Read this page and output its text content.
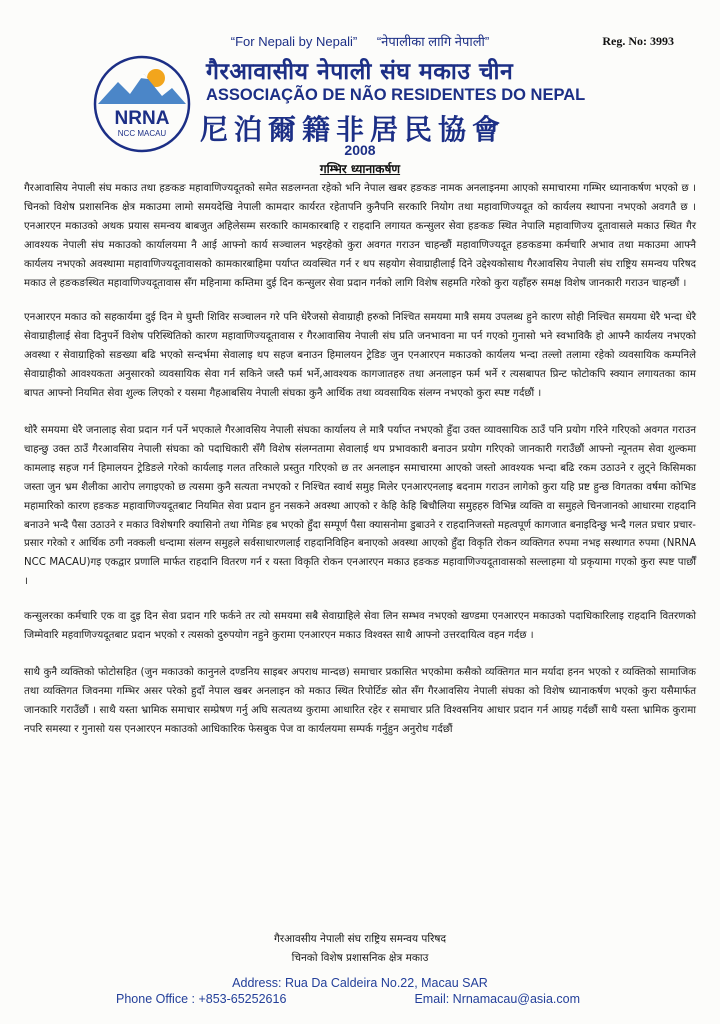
“For Nepali by Nepali” “नेपालीका लागि नेपाली”	Reg. No: 3993
NRNA
NCC MACAU
गैरआवासीय नेपाली संघ मकाउ चीन
ASSOCIAÇÃO DE NÃO RESIDENTES DO NEPAL
尼泊爾籍非居民協會
2008
गम्भिर ध्यानाकर्षण

गैरआवासिय नेपाली संघ मकाउ तथा हङकङ महावाणिज्यदूतको समेत सङलग्नता रहेको भनि नेपाल खबर हङकङ नामक अनलाइनमा आएको समाचारमा गम्भिर ध्यानाकर्षण भएको छ । चिनको विशेष प्रशासनिक क्षेत्र मकाउमा लामो समयदेखि नेपाली कामदार कार्यरत रहेतापनि कुनैपनि सरकारि नियोग तथा महावाणिज्यदूत को कार्यलय स्थापना नभएको अवगतै छ । एनआरएन मकाउको अथक प्रयास समन्वय बाबजुत अहिलेसम्म सरकारि कामकारबाहि र राहदानि लगायत कन्सुलर सेवा हङकङ स्थित नेपालि महावाणिज्य दूतावासले मकाउ स्थित गैर आवश्यक नेपाली संघ मकाउको कार्यालयमा नै आई आफ्नो कार्य सञ्चालन भइरहेको कुरा अवगत गराउन चाहन्छौं महावाणिज्यदूत हङकङमा कर्मचारि अभाव तथा मकाउमा आफ्नै कार्यलय नभएको अवस्थामा महावाणिज्यदूतावासको कामकारबाहिमा पर्याप्त व्यवस्थित गर्न र थप सहयोग सेवाग्राहीलाई दिने उद्देश्यकोसाथ गैरआवसिय नेपाली संघ राष्ट्रिय समन्वय परिषद मकाउ ले हङकङस्थित महावाणिज्यदूतावास सँग महिनामा कम्तिमा दुई दिन कन्सुलर सेवा प्रदान गर्नको लागि विशेष सहमति गरेको कुरा यहाँहरु समक्ष विशेष जानकारी गराउन चाहन्छौं ।

एनआरएन मकाउ को सहकार्यमा दुई दिन मे घुम्ती शिविर सञ्चालन गरे पनि धेरैजसो सेवाग्राही हरुको निश्चित समयमा मात्रै समय उपलब्ध हुने कारण सोही निश्चित समयमा धेरै भन्दा धेरै सेवाग्राहीलाई सेवा दिनुपर्ने विशेष परिस्थितिको कारण महावाणिज्यदूतावास र गैरआवासिय नेपाली संघ प्रति जनभावना मा पर्न गएको गुनासो भने स्वभाविकै हो आफ्नै कार्यलय नभएको अवस्था र सेवाग्राहिको सङख्या बढि भएको सन्दर्भमा सेवालाइ थप सहज बनाउन हिमालयन ट्रेडिङ जुन एनआरएन मकाउको कार्यलय भन्दा तल्लो तलामा रहेको व्यवसायिक कम्पनिले सेवाग्राहीको आवश्यकता अनुसारको व्यवसायिक सेवा गर्न सकिने जस्तै फर्म भर्ने,आवश्यक कागजातहरु तथा अनलाइन फर्म भर्ने र त्यसबापत प्रिन्ट फोटोकपि स्क्यान लगायतका काम बापत आफ्नो नियमित सेवा शुल्क लिएको र यसमा गैहआबसिय नेपाली संघका कुनै आर्थिक तथा व्यवसायिक संलग्न नभएको कुरा स्पष्ट गर्दछौं ।

थोरै समयमा धेरै जनालाइ सेवा प्रदान गर्न पर्ने भएकाले गैरआवसिय नेपाली संघका कार्यालय ले मात्रै पर्याप्त नभएको हुँदा उक्त व्यावसायिक ठाउँ पनि प्रयोग गरिने गरिएको अवगत गराउन चाहन्छु उक्त ठाउँ गैरआवसिय नेपाली संघका को पदाधिकारी सँगै विशेष संलग्नतामा सेवालाई थप प्रभावकारी बनाउन प्रयोग गरिएको जानकारी गराउँछौं आफ्नो न्यूनतम सेवा शुल्कमा कामलाइ सहज गर्न हिमालयन ट्रेडिङले गरेको कार्यलाइ गलत तरिकाले प्रस्तुत गरिएको छ तर अनलाइन समाचारमा आएको जस्तो आवश्यक भन्दा बढि रकम उठाउने र लुट्ने किसिमका जस्ता जुन भ्रम शैलीका आरोप लगाइएको छ त्यसमा कुनै सत्यता नभएको र निश्चित स्वार्थ समुह मिलेर एनआरएनलाइ बदनाम गराउन लागेको कुरा यहि प्रष्ट हुन्छ विगतका वर्षमा कोभिड महामारिको कारण हङकङ महावाणिज्यदूतबाट नियमित सेवा प्रदान हुन नसकने अवस्था आएको र केहि केहि बिचौलिया समुहहरु विभिन्न व्यक्ति वा समुहले चिनजानको आधारमा राहदानि बनाउने भन्दै पैसा उठाउने र मकाउ विशेषगरि क्यासिनो तथा गेमिङ हब भएको हुँदा सम्पूर्ण पैसा क्यासनोमा डुबाउने र राहदानिजस्तो महत्वपूर्ण कागजात बनाइदिन्छु भन्दै गलत प्रचार प्रचार-प्रसार गरेको र आर्थिक ठगी नक्कली धन्दामा संलग्न समुहले सर्वसाधारणलाई राहदानिविहिन बनाएको अवस्था आएको हुँदा विकृति रोकन व्यक्तिगत रुपमा नभइ सस्थागत रुपमा (NRNA NCC MACAU)गइ एकद्वार प्रणालि मार्फत राहदानि वितरण गर्न र यस्ता विकृति रोकन एनआरएन मकाउ हङकङ महावाणिज्यदूतावासको सल्लाहमा यो प्रकृयामा गएको कुरा स्पष्ट पार्छौं ।

कन्सुलरका कर्मचारि एक वा दुइ दिन सेवा प्रदान गरि फर्कने तर त्यो समयमा सबै सेवाग्राहिले सेवा लिन सम्भव नभएको खण्डमा एनआरएन मकाउको पदाधिकारिलाइ राहदानि वितरणको जिम्मेवारि महवाणिज्यदूतबाट प्रदान भएको र त्यसको दुरुपयोग नहुने कुरामा एनआरएन मकाउ विश्वस्त साथै आफ्नो उत्तरदायित्व वहन गर्दछ ।

साथै कुनै व्यक्तिको फोटोसहित (जुन मकाउको कानुनले दण्डनिय साइबर अपराध मान्दछ) समाचार प्रकासित भएकोमा कसैको व्यक्तिगत मान मर्यादा हनन भएको र व्यक्तिको सामाजिक तथा व्यक्तिगत जिवनमा गम्भिर असर परेको हुदाँ नेपाल खबर अनलाइन को मकाउ स्थित रिपोर्टिङ स्रोत सँग गैरआवसिय नेपाली संघका को विशेष ध्यानाकर्षण भएको कुरा यसैमार्फत जानकारि गराउँछौं । साथै यस्ता भ्रामिक समाचार सम्प्रेषण गर्नु अघि सत्यतथ्य कुरामा आधारित रहेर र समाचार प्रति विश्वसनिय आधार प्रदान गर्न आग्रह गर्दछौं साथै यस्ता भ्रामिक कुरामा नपरि समस्या र गुनासो यस एनआरएन मकाउको आधिकारिक फेसबुक पेज वा कार्यलयमा सम्पर्क गर्नुहुन अनुरोध गर्दछौं

गैरआवसीय नेपाली संघ राष्ट्रिय समन्वय परिषद
चिनको विशेष प्रशासनिक क्षेत्र मकाउ
Address: Rua Da Caldeira No.22, Macau SAR
Phone Office : +853-65252616	Email: Nrnamacau@asia.com
